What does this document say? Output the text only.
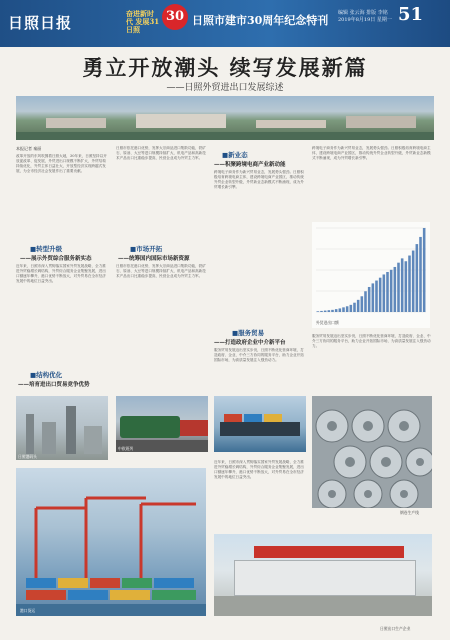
日照日报
奋进新时代 发展31日照
30 日照市建市30周年纪念特刊
编辑 张云海 排版 李铭 2019年8月19日 星期一 51
勇立开放潮头 续写发展新篇
——日照外贸进出口发展综述
本报记者 秦丽
改革开放的东风吹拂着日照大地，30年来，日照坚持以开放促改革、促发展，外贸进出口规模不断扩大，外贸结构持续优化，外贸主体日益壮大，开放型经济实现跨越式发展，为全市经济社会发展作出了重要贡献。
■转型升级
——展示外贸综合服务新实态
近年来，日照市深入贯彻落实国家外贸发展战略，全力推进外贸稳增长调结构，外贸综合服务企业集聚发展，进出口额逐年攀升，港口优势不断放大，对外贸易在全市经济发展中的地位日益突出。
■结构优化
——培育进出口贸易竞争优势
日照市依托港口优势，发挥大宗商品进口集散功能，铁矿石、原油、大豆等进口规模持续扩大，机电产品和高新技术产品出口比重稳步提高，民营企业成为外贸主力军。
■市场开拓
——统筹国内国际市场新资源
日照市依托港口优势，发挥大宗商品进口集散功能，铁矿石、原油、大豆等进口规模持续扩大，机电产品和高新技术产品出口比重稳步提高，民营企业成为外贸主力军。
■新业态
——积聚跨境电商产业新动能
跨境电子商务作为新兴贸易业态，发展势头强劲。日照积极培育跨境电商主体，建设跨境电商产业园区，推动传统外贸企业转型升级，外贸新业态新模式不断涌现，成为外贸增长新引擎。
■服务贸易
——打造政府企业中介新平台
服务贸易发展迈出坚实步伐，日照不断优化营商环境，打造政府、企业、中介三方协同的服务平台，助力企业开拓国际市场，为高质量发展注入强劲动力。
跨境电子商务作为新兴贸易业态，发展势头强劲。日照积极培育跨境电商主体，建设跨境电商产业园区，推动传统外贸企业转型升级，外贸新业态新模式不断涌现，成为外贸增长新引擎。
外贸进出口额
服务贸易发展迈出坚实步伐，日照不断优化营商环境，打造政府、企业、中介三方协同的服务平台，助力企业开拓国际市场，为高质量发展注入强劲动力。
日照港码头
中欧班列
钢卷生产线
港口货运
近年来，日照市深入贯彻落实国家外贸发展战略，全力推进外贸稳增长调结构，外贸综合服务企业集聚发展，进出口额逐年攀升，港口优势不断放大，对外贸易在全市经济发展中的地位日益突出。
日照出口生产企业
